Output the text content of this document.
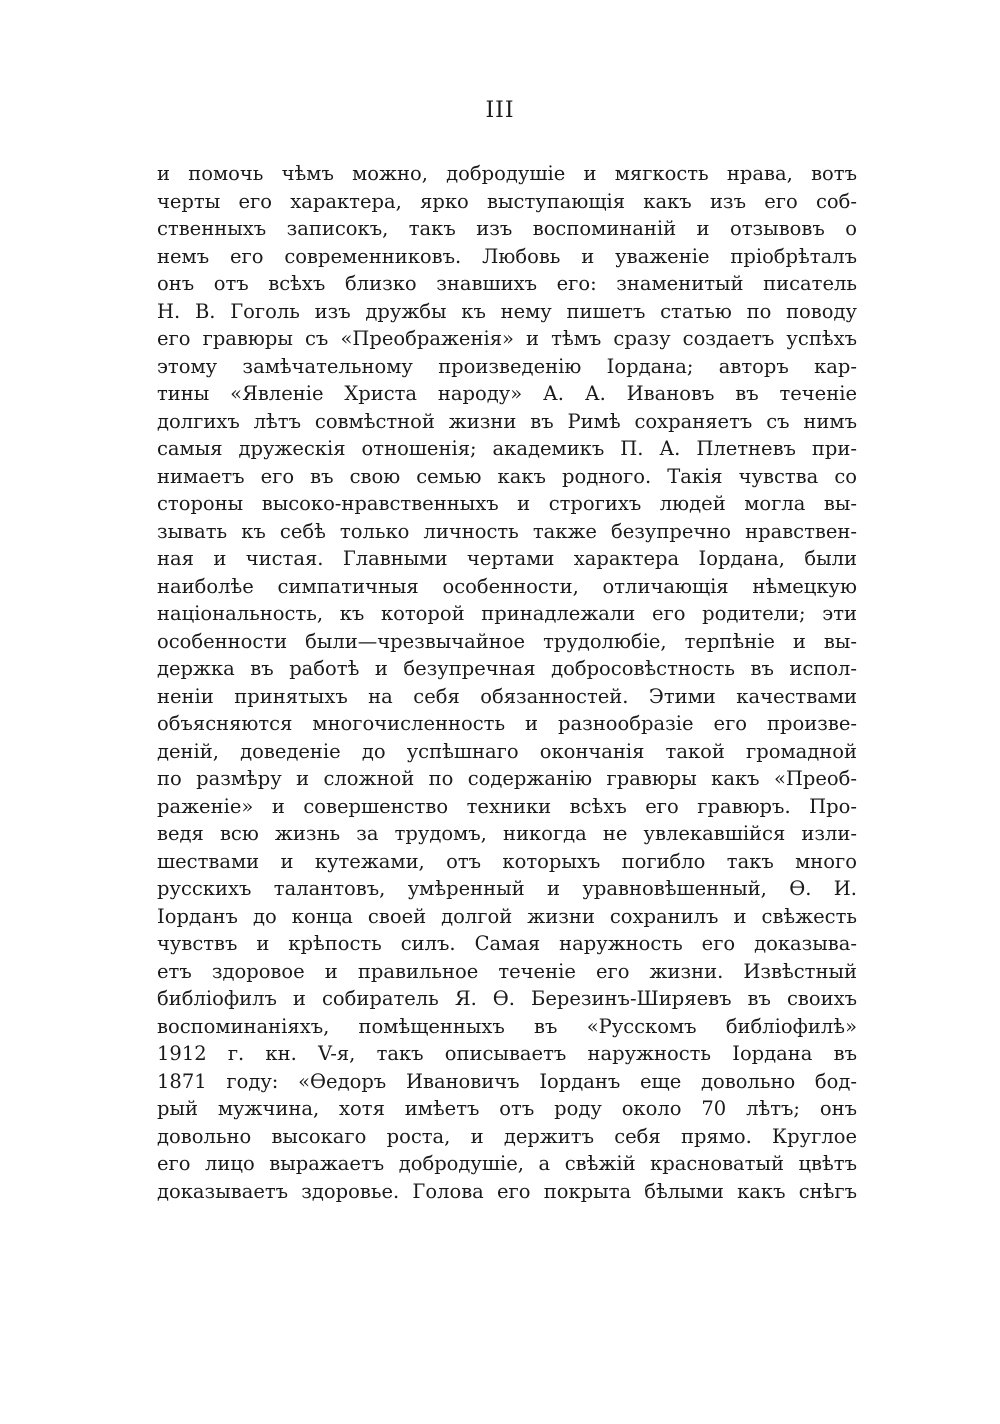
III
и помочь чѣмъ можно, добродушіе и мягкость нрава, вотъ
черты его характера, ярко выступающія какъ изъ его соб-
ственныхъ записокъ, такъ изъ воспоминаній и отзывовъ о
немъ его современниковъ. Любовь и уваженіе пріобрѣталъ
онъ отъ всѣхъ близко знавшихъ его: знаменитый писатель
Н. В. Гоголь изъ дружбы къ нему пишетъ статью по поводу
его гравюры съ «Преображенія» и тѣмъ сразу создаетъ успѣхъ
этому замѣчательному произведенію Іордана; авторъ кар-
тины «Явленіе Христа народу» А. А. Ивановъ въ теченіе
долгихъ лѣтъ совмѣстной жизни въ Римѣ сохраняетъ съ нимъ
самыя дружескія отношенія; академикъ П. А. Плетневъ при-
нимаетъ его въ свою семью какъ родного. Такія чувства со
стороны высоко-нравственныхъ и строгихъ людей могла вы-
зывать къ себѣ только личность также безупречно нравствен-
ная и чистая. Главными чертами характера Іордана, были
наиболѣе симпатичныя особенности, отличающія нѣмецкую
національность, къ которой принадлежали его родители; эти
особенности были—чрезвычайное трудолюбіе, терпѣніе и вы-
держка въ работѣ и безупречная добросовѣстность въ испол-
неніи принятыхъ на себя обязанностей. Этими качествами
объясняются многочисленность и разнообразіе его произве-
деній, доведеніе до успѣшнаго окончанія такой громадной
по размѣру и сложной по содержанію гравюры какъ «Преоб-
раженіе» и совершенство техники всѣхъ его гравюръ. Про-
ведя всю жизнь за трудомъ, никогда не увлекавшійся изли-
шествами и кутежами, отъ которыхъ погибло такъ много
русскихъ талантовъ, умѣренный и уравновѣшенный, Ѳ. И.
Іорданъ до конца своей долгой жизни сохранилъ и свѣжесть
чувствъ и крѣпость силъ. Самая наружность его доказыва-
етъ здоровое и правильное теченіе его жизни. Извѣстный
библіофилъ и собиратель Я. Ѳ. Березинъ-Ширяевъ въ своихъ
воспоминаніяхъ, помѣщенныхъ въ «Русскомъ библіофилѣ»
1912 г. кн. V-я, такъ описываетъ наружность Іордана въ
1871 году: «Ѳедоръ Ивановичъ Іорданъ еще довольно бод-
рый мужчина, хотя имѣетъ отъ роду около 70 лѣтъ; онъ
довольно высокаго роста, и держитъ себя прямо. Круглое
его лицо выражаетъ добродушіе, а свѣжій красноватый цвѣтъ
доказываетъ здоровье. Голова его покрыта бѣлыми какъ снѣгъ
